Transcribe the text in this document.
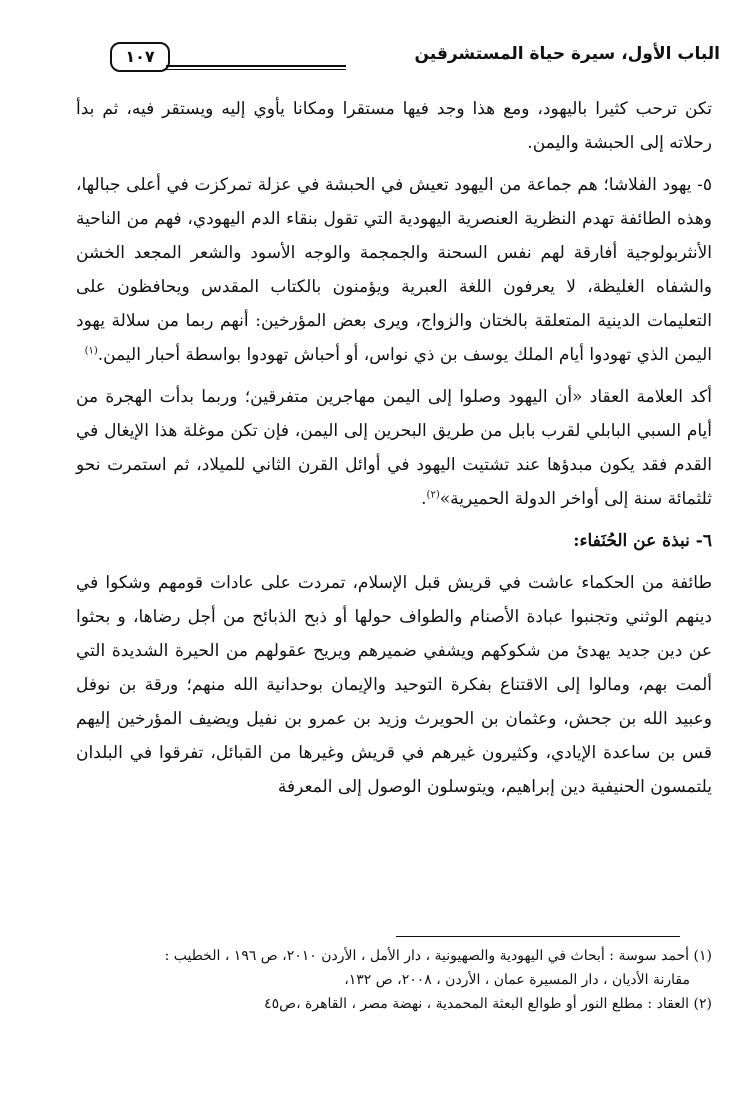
الباب الأول، سيرة حياة المستشرقين
١٠٧

تكن ترحب كثيرا باليهود، ومع هذا وجد فيها مستقرا ومكانا يأوي إليه ويستقر فيه، ثم بدأ رحلاته إلى الحبشة واليمن.

٥- يهود الفلاشا؛ هم جماعة من اليهود تعيش في الحبشة في عزلة تمركزت في أعلى جبالها، وهذه الطائفة تهدم النظرية العنصرية اليهودية التي تقول بنقاء الدم اليهودي، فهم من الناحية الأنثربولوجية أفارقة لهم نفس السحنة والجمجمة والوجه الأسود والشعر المجعد الخشن والشفاه الغليظة، لا يعرفون اللغة العبرية ويؤمنون بالكتاب المقدس ويحافظون على التعليمات الدينية المتعلقة بالختان والزواج، ويرى بعض المؤرخين: أنهم ربما من سلالة يهود اليمن الذي تهودوا أيام الملك يوسف بن ذي نواس، أو أحباش تهودوا بواسطة أحبار اليمن.$^{(١)}$

أكد العلامة العقاد «أن اليهود وصلوا إلى اليمن مهاجرين متفرقين؛ وربما بدأت الهجرة من أيام السبي البابلي لقرب بابل من طريق البحرين إلى اليمن، فإن تكن موغلة هذا الإيغال في القدم فقد يكون مبدؤها عند تشتيت اليهود في أوائل القرن الثاني للميلاد، ثم استمرت نحو ثلثمائة سنة إلى أواخر الدولة الحميرية»$^{(٢)}$.

٦- نبذة عن الحُنَفاء:

طائفة من الحكماء عاشت في قريش قبل الإسلام، تمردت على عادات قومهم وشكوا في دينهم الوثني وتجنبوا عبادة الأصنام والطواف حولها أو ذبح الذبائح من أجل رضاها، و بحثوا عن دين جديد يهدئ من شكوكهم ويشفي ضميرهم ويريح عقولهم من الحيرة الشديدة التي ألمت بهم، ومالوا إلى الاقتناع بفكرة التوحيد والإيمان بوحدانية الله منهم؛ ورقة بن نوفل وعبيد الله بن جحش، وعثمان بن الحويرث وزيد بن عمرو بن نفيل ويضيف المؤرخين إليهم قس بن ساعدة الإيادي، وكثيرون غيرهم في قريش وغيرها من القبائل، تفرقوا في البلدان يلتمسون الحنيفية دين إبراهيم، ويتوسلون الوصول إلى المعرفة

(١) أحمد سوسة : أبحاث في اليهودية والصهيونية ، دار الأمل ، الأردن ٢٠١٠، ص ١٩٦ ، الخطيب :

مقارنة الأديان ، دار المسيرة عمان ، الأردن ، ٢٠٠٨، ص ١٣٢،

(٢) العقاد : مطلع النور أو طوالع البعثة المحمدية ، نهضة مصر ، القاهرة ،ص٤٥
